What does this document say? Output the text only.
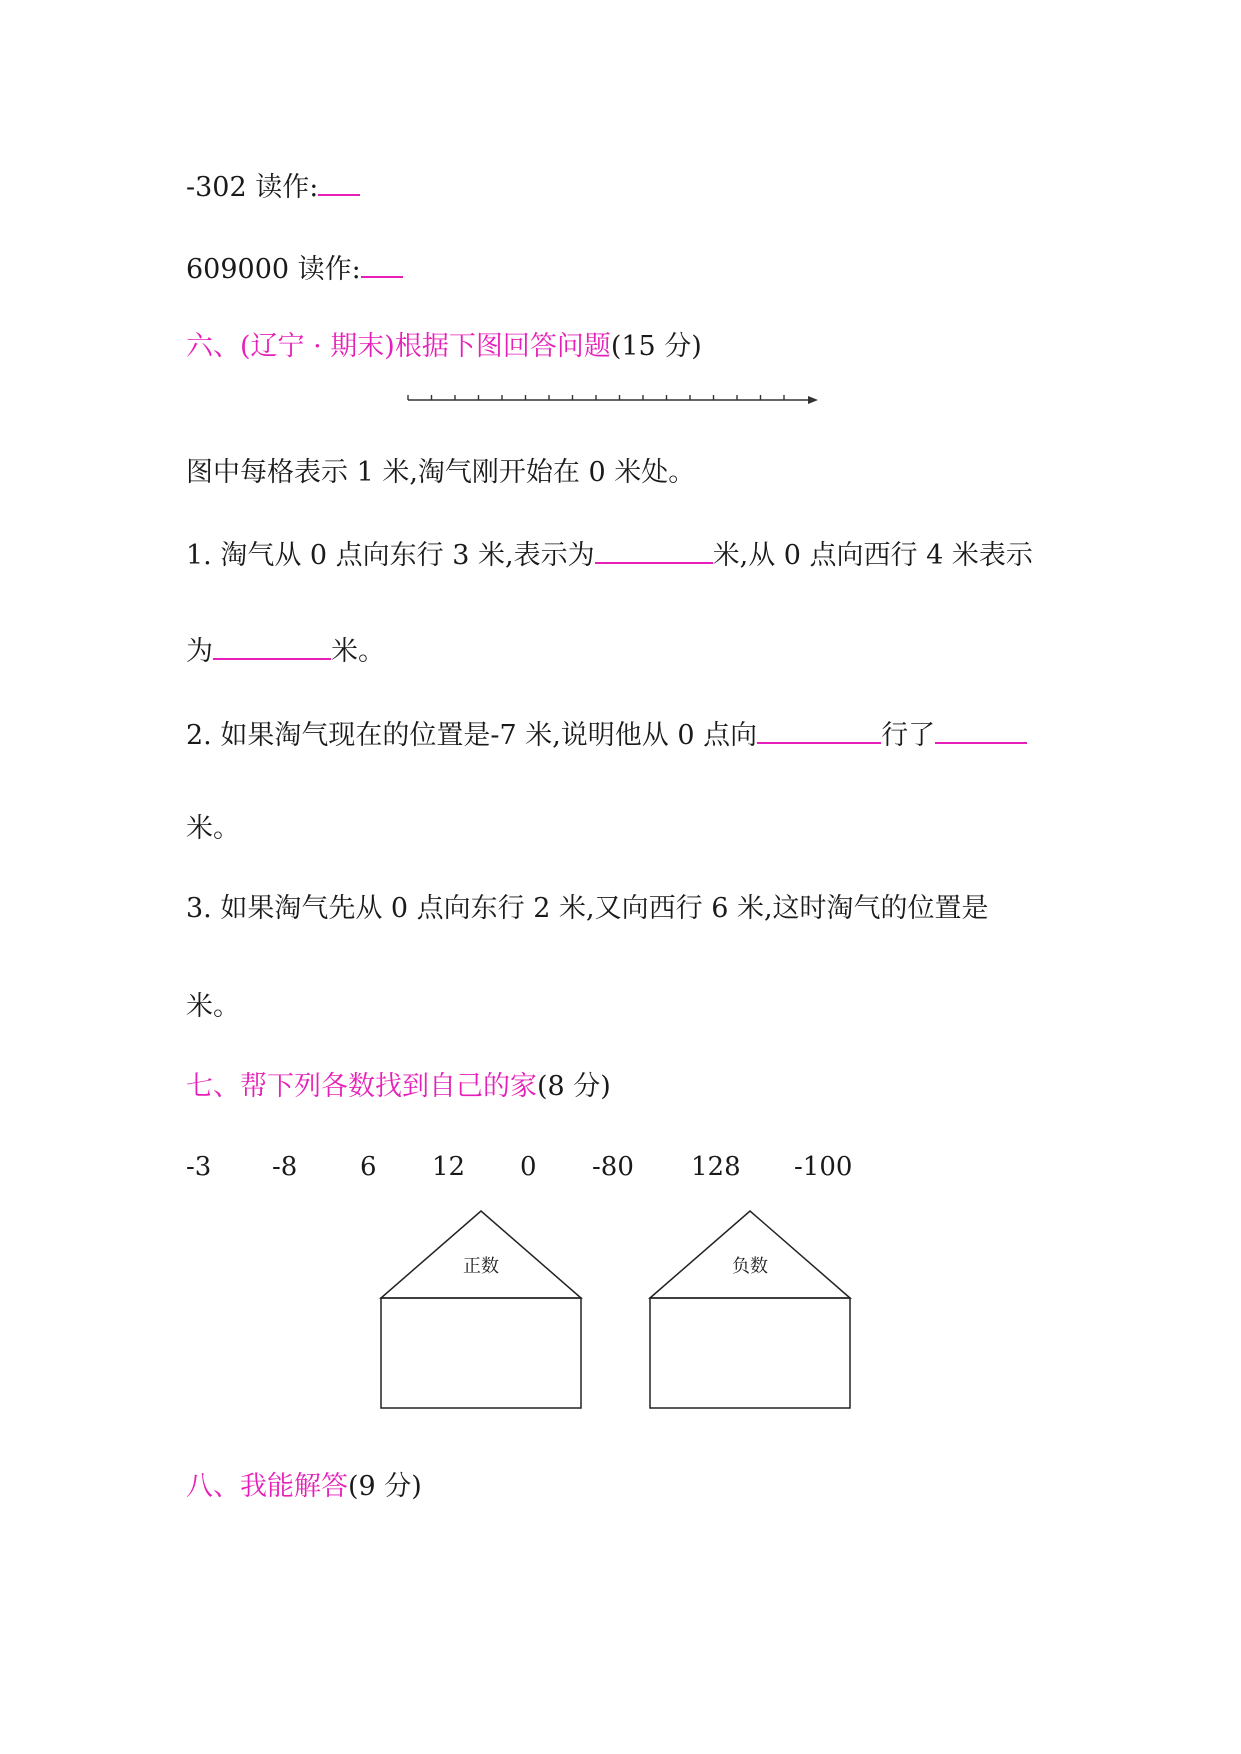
-302 读作:
609000 读作:
六、(辽宁 · 期末)根据下图回答问题(15 分)
图中每格表示 1 米,淘气刚开始在 0 米处。
1. 淘气从 0 点向东行 3 米,表示为	米,从 0 点向西行 4 米表示
为	米。
2. 如果淘气现在的位置是-7 米,说明他从 0 点向	行了
米。
3. 如果淘气先从 0 点向东行 2 米,又向西行 6 米,这时淘气的位置是
米。
七、帮下列各数找到自己的家(8 分)
-3 -8 6 12 0 -80 128 -100
正数	负数
八、我能解答(9 分)
